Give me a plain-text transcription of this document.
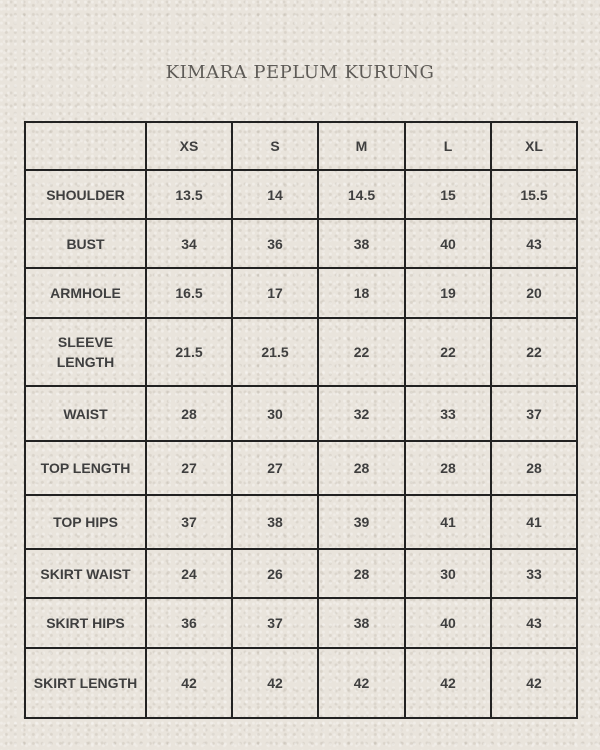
KIMARA PEPLUM KURUNG
	XS	S	M	L	XL
SHOULDER	13.5	14	14.5	15	15.5
BUST	34	36	38	40	43
ARMHOLE	16.5	17	18	19	20
SLEEVE LENGTH	21.5	21.5	22	22	22
WAIST	28	30	32	33	37
TOP LENGTH	27	27	28	28	28
TOP HIPS	37	38	39	41	41
SKIRT WAIST	24	26	28	30	33
SKIRT HIPS	36	37	38	40	43
SKIRT LENGTH	42	42	42	42	42
